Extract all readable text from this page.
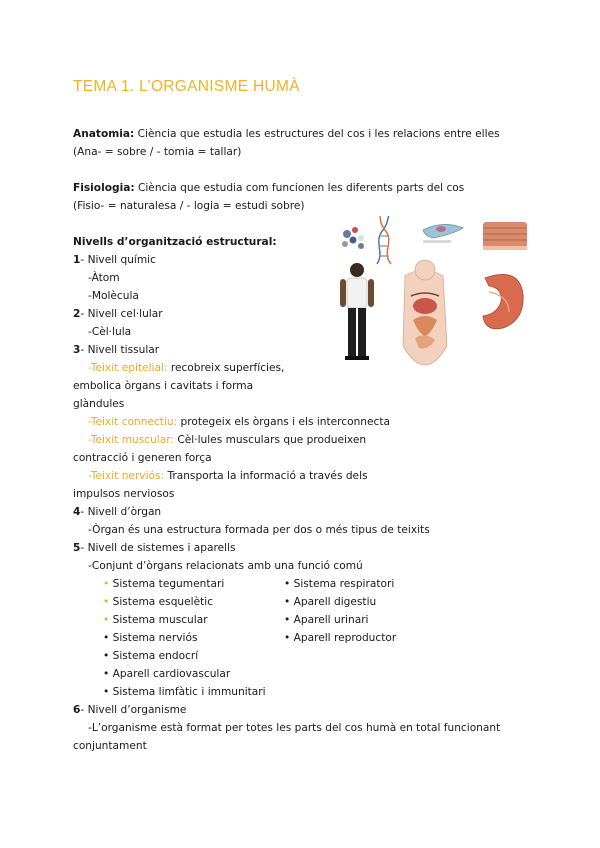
TEMA 1. L’ORGANISME HUMÀ
Anatomia: Ciència que estudia les estructures del cos i les relacions entre elles
(Ana- = sobre / - tomia = tallar)
Fisiologia: Ciència que estudia com funcionen les diferents parts del cos
(Fisio- = naturalesa / - logia = estudi sobre)
Nivells d’organització estructural:
1- Nivell químic
-Àtom
-Molècula
2- Nivell cel·lular
-Cèl·lula
3- Nivell tissular
-Teixit epitelial: recobreix superfícies,
embolica òrgans i cavitats i forma
glàndules
-Teixit connectiu: protegeix els òrgans i els interconnecta
-Teixit muscular: Cèl·lules musculars que produeixen
contracció i generen força
-Teixit nerviós: Transporta la informació a través dels
impulsos nerviosos
4- Nivell d’òrgan
-Òrgan és una estructura formada per dos o més tipus de teixits
5- Nivell de sistemes i aparells
-Conjunt d’òrgans relacionats amb una funció comú
• Sistema tegumentari
• Sistema esquelètic
• Sistema muscular
• Sistema nerviós
• Sistema endocrí
• Aparell cardiovascular
• Sistema limfàtic i immunitari
• Sistema respiratori
• Aparell digestiu
• Aparell urinari
• Aparell reproductor
6- Nivell d’organisme
-L’organisme està format per totes les parts del cos humà en total funcionant
conjuntament
